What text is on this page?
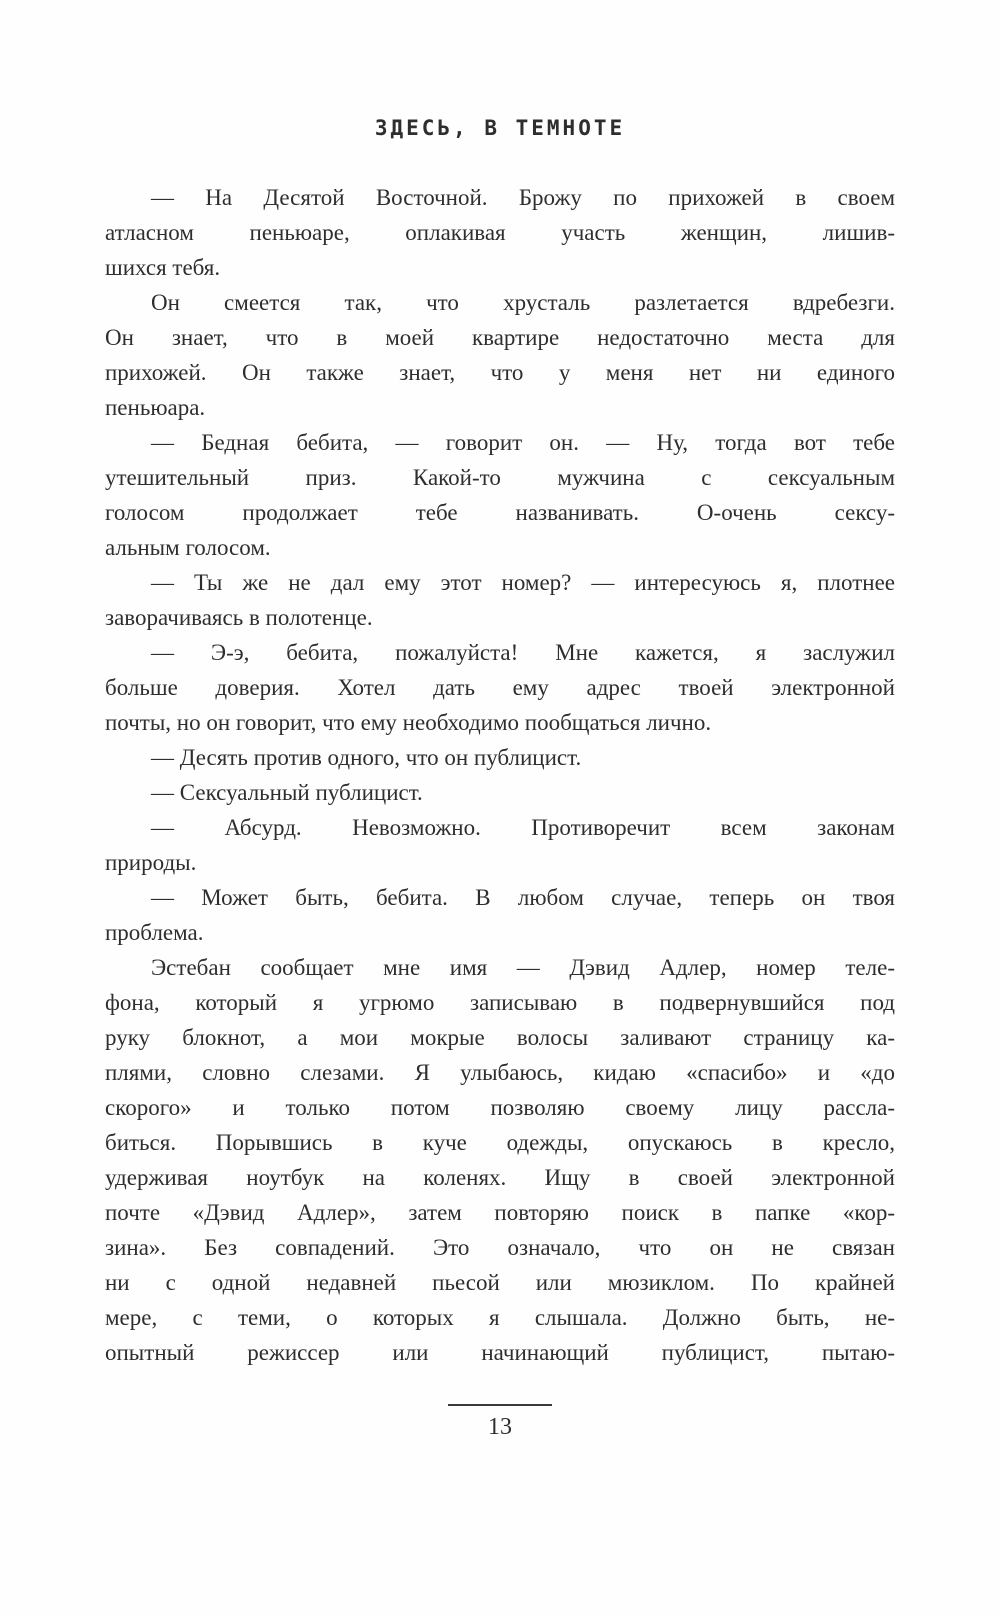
ЗДЕСЬ, В ТЕМНОТЕ
— На Десятой Восточной. Брожу по прихожей в своем
атласном пеньюаре, оплакивая участь женщин, лишив-
шихся тебя.
Он смеется так, что хрусталь разлетается вдребезги.
Он знает, что в моей квартире недостаточно места для
прихожей. Он также знает, что у меня нет ни единого
пеньюара.
— Бедная бебита, — говорит он. — Ну, тогда вот тебе
утешительный приз. Какой-то мужчина с сексуальным
голосом продолжает тебе названивать. О-очень сексу-
альным голосом.
— Ты же не дал ему этот номер? — интересуюсь я, плотнее
заворачиваясь в полотенце.
— Э-э, бебита, пожалуйста! Мне кажется, я заслужил
больше доверия. Хотел дать ему адрес твоей электронной
почты, но он говорит, что ему необходимо пообщаться лично.
— Десять против одного, что он публицист.
— Сексуальный публицист.
— Абсурд. Невозможно. Противоречит всем законам
природы.
— Может быть, бебита. В любом случае, теперь он твоя
проблема.
Эстебан сообщает мне имя — Дэвид Адлер, номер теле-
фона, который я угрюмо записываю в подвернувшийся под
руку блокнот, а мои мокрые волосы заливают страницу ка-
плями, словно слезами. Я улыбаюсь, кидаю «спасибо» и «до
скорого» и только потом позволяю своему лицу рассла-
биться. Порывшись в куче одежды, опускаюсь в кресло,
удерживая ноутбук на коленях. Ищу в своей электронной
почте «Дэвид Адлер», затем повторяю поиск в папке «кор-
зина». Без совпадений. Это означало, что он не связан
ни с одной недавней пьесой или мюзиклом. По крайней
мере, с теми, о которых я слышала. Должно быть, не-
опытный режиссер или начинающий публицист, пытаю-
13
